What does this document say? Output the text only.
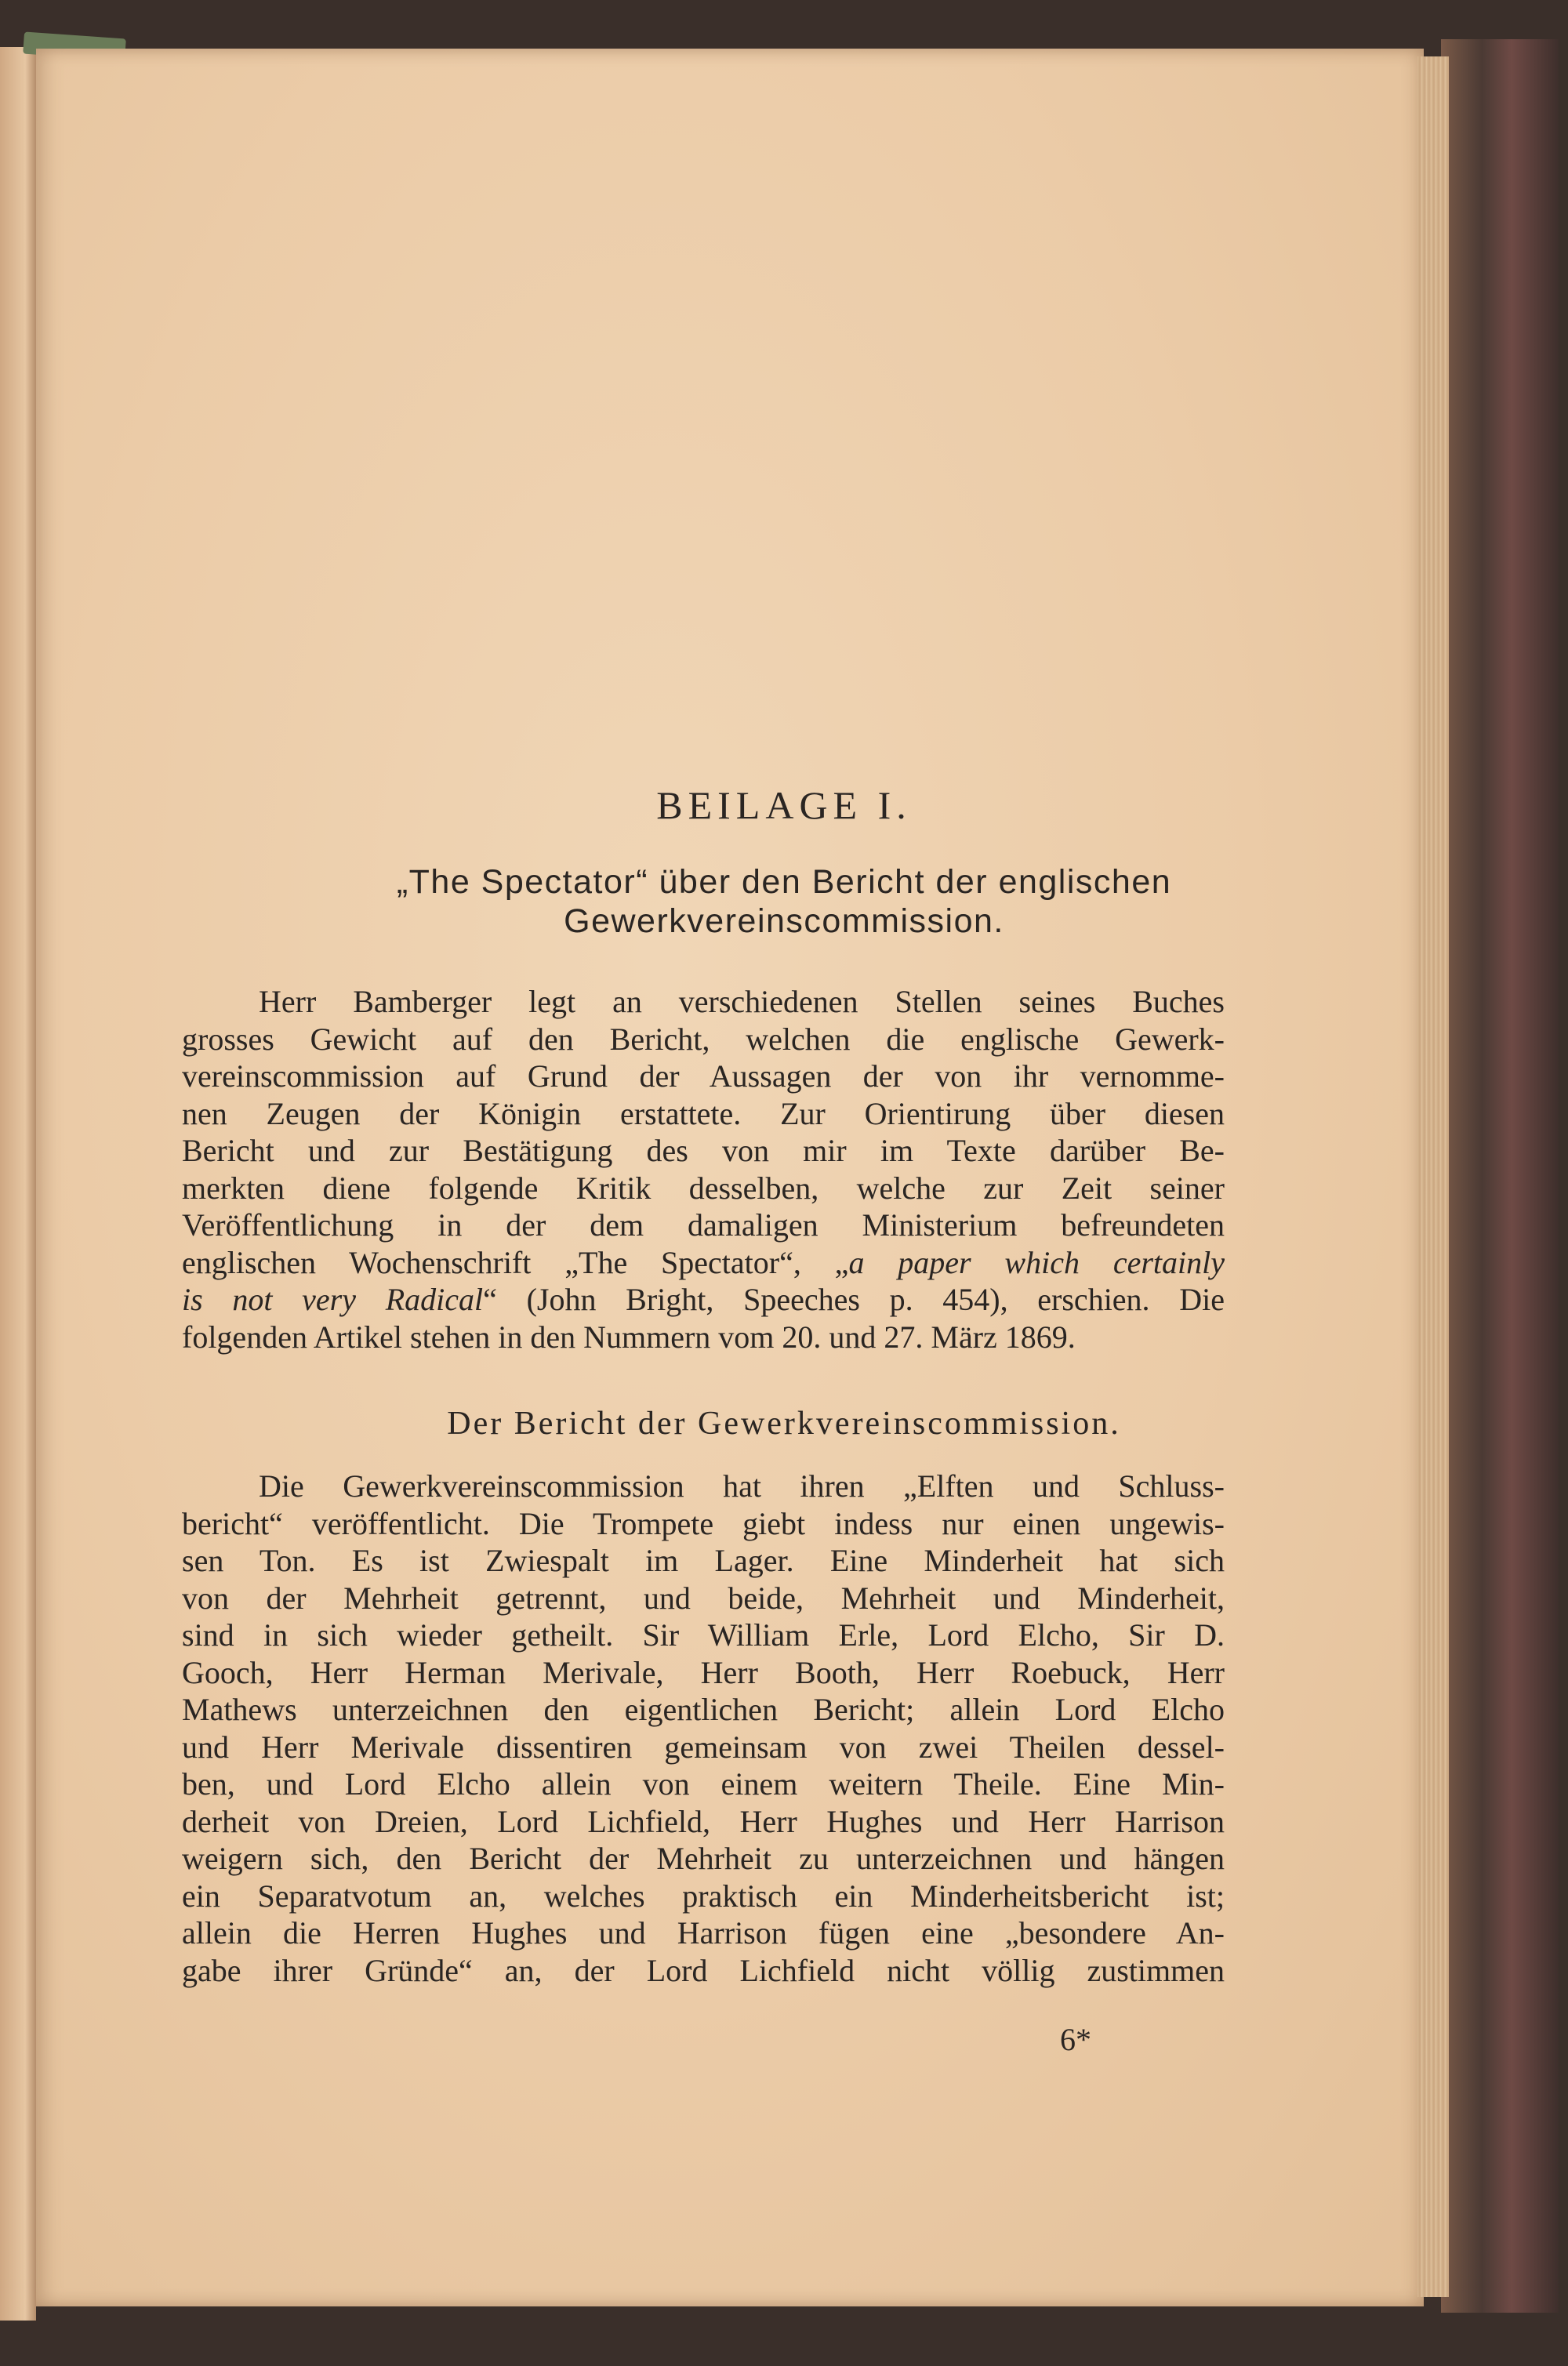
BEILAGE I.
„The Spectator“ über den Bericht der englischen
Gewerkvereinscommission.
Herr Bamberger legt an verschiedenen Stellen seines Buches
grosses Gewicht auf den Bericht, welchen die englische Gewerk-
vereinscommission auf Grund der Aussagen der von ihr vernomme-
nen Zeugen der Königin erstattete. Zur Orientirung über diesen
Bericht und zur Bestätigung des von mir im Texte darüber Be-
merkten diene folgende Kritik desselben, welche zur Zeit seiner
Veröffentlichung in der dem damaligen Ministerium befreundeten
englischen Wochenschrift „The Spectator“, „a paper which certainly
is not very Radical“ (John Bright, Speeches p. 454), erschien. Die
folgenden Artikel stehen in den Nummern vom 20. und 27. März 1869.
Der Bericht der Gewerkvereinscommission.
Die Gewerkvereinscommission hat ihren „Elften und Schluss-
bericht“ veröffentlicht. Die Trompete giebt indess nur einen ungewis-
sen Ton. Es ist Zwiespalt im Lager. Eine Minderheit hat sich
von der Mehrheit getrennt, und beide, Mehrheit und Minderheit,
sind in sich wieder getheilt. Sir William Erle, Lord Elcho, Sir D.
Gooch, Herr Herman Merivale, Herr Booth, Herr Roebuck, Herr
Mathews unterzeichnen den eigentlichen Bericht; allein Lord Elcho
und Herr Merivale dissentiren gemeinsam von zwei Theilen dessel-
ben, und Lord Elcho allein von einem weitern Theile. Eine Min-
derheit von Dreien, Lord Lichfield, Herr Hughes und Herr Harrison
weigern sich, den Bericht der Mehrheit zu unterzeichnen und hängen
ein Separatvotum an, welches praktisch ein Minderheitsbericht ist;
allein die Herren Hughes und Harrison fügen eine „besondere An-
gabe ihrer Gründe“ an, der Lord Lichfield nicht völlig zustimmen
6*
